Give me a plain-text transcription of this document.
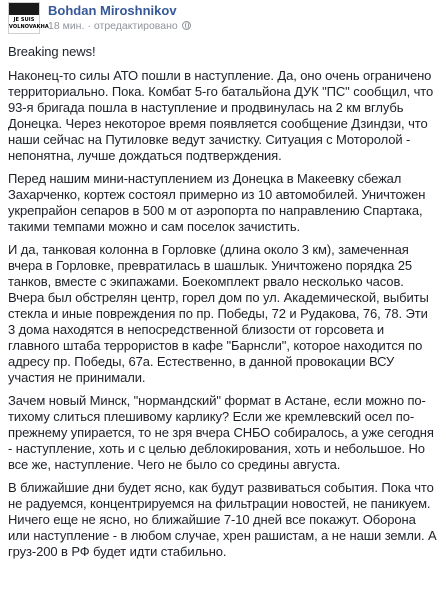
JE SUIS
VOLNOVAKHA
Bohdan Miroshnikov
18 мин. · отредактировано

Breaking news!

Наконец-то силы АТО пошли в наступление. Да, оно очень ограничено территориально. Пока. Комбат 5-го батальйона ДУК "ПС" сообщил, что 93-я бригада пошла в наступление и продвинулась на 2 км вглубь Донецка. Через некоторое время появляется сообщение Дзиндзи, что наши сейчас на Путиловке ведут зачистку. Ситуация с Моторолой - непонятна, лучше дождаться подтверждения.

Перед нашим мини-наступлением из Донецка в Макеевку сбежал Захарченко, кортеж состоял примерно из 10 автомобилей. Уничтожен укрепрайон сепаров в 500 м от аэропорта по направлению Спартака, такими темпами можно и сам поселок зачистить.

И да, танковая колонна в Горловке (длина около 3 км), замеченная вчера в Горловке, превратилась в шашлык. Уничтожено порядка 25 танков, вместе с экипажами. Боекомплект рвало несколько часов. Вчера был обстрелян центр, горел дом по ул. Академической, выбиты стекла и иные повреждения по пр. Победы, 72 и Рудакова, 76, 78. Эти 3 дома находятся в непосредственной близости от горсовета и главного штаба террористов в кафе "Барнсли", которое находится по адресу пр. Победы, 67а. Естественно, в данной провокации ВСУ участия не принимали.

Зачем новый Минск, "нормандский" формат в Астане, если можно по-тихому слиться плешивому карлику? Если же кремлевский осел по-прежнему упирается, то не зря вчера СНБО собиралось, а уже сегодня - наступление, хоть и с целью деблокирования, хоть и небольшое. Но все же, наступление. Чего не было со средины августа.

В ближайшие дни будет ясно, как будут развиваться события. Пока что не радуемся, концентрируемся на фильтрации новостей, не паникуем. Ничего еще не ясно, но ближайшие 7-10 дней все покажут. Оборона или наступление - в любом случае, хрен рашистам, а не наши земли. А груз-200 в РФ будет идти стабильно.
